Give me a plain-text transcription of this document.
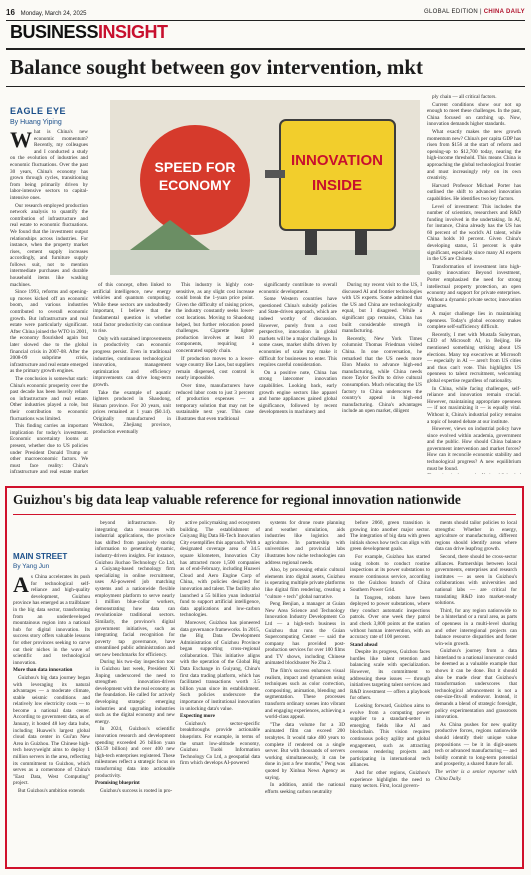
16 Monday, March 24, 2025	GLOBAL EDITION | CHINA DAILY
BUSINESSINSIGHT
Balance sought between gov intervention, mkt
EAGLE EYE
By Huang Yiping
SPEED FOR
ECONOMY
INNOVATION
INSIDE
W hat is China's new economic momentum? Recently, my colleagues and I conducted a study on the evolution of industries and economic fluctuations. Over the past 30 years, China's economy has grown through cycles, transitioning from being primarily driven by labor-intensive sectors to capital-intensive ones.

Our research employed production network analysis to quantify the contribution of infrastructure and real estate to economic fluctuations. We found that the investment output relationships across industries. For instance, when the property market rises, cement supply increases accordingly, and furniture supply follows suit, not to mention intermediate purchases and durable household items like washing machines.

Since 1993, reforms and opening-up moves kicked off an economic boom, and various industries contributed to overall economic growth. But infrastructure and real estate were particularly significant. After China joined the WTO in 2001, the economy flourished again but later slowed due to the global financial crisis in 2007-08. After the 2008-09 subprime crisis, infrastructure and real estate emerged as the primary growth engines.

The conclusion is somewhat stark: China's economic prosperity over the past decade has been heavily reliant on infrastructure and real estate. Other industries played a role, but their contribution to economic fluctuations was limited.

This finding carries an important implication for today's investment. Economic uncertainty looms at present, whether due to US policies under President Donald Trump or other macroeconomic factors. We must face reality: China's infrastructure and real estate market

of this concept, often linked to artificial intelligence, new energy vehicles and quantum computing. While these sectors are undoubtedly important, I believe that the fundamental question is whether total factor productivity can continue to rise.

Only with sustained improvements in productivity can economic progress persist. Even in traditional industries, continuous technological innovation, management optimization and efficiency improvements can drive long-term growth.

Take the example of aquatic lighters produced in Shaodong, Hunan province. For 20 years, unit prices remained at 1 yuan ($0.14). Originally manufactured in Wenzhou, Zhejiang province, production eventually

This industry is highly cost-sensitive, as any slight cost increase could break the 1-yuan price point. Given the difficulty of raising prices, the industry constantly seeks lower-cost locations. Moving to Shaodong helped, but further relocation posed challenges. Cigarette lighter production involves at least 10 components, requiring a concentrated supply chain.

If production moves to a lower-wage country like Laos, but suppliers remain dispersed, cost control is nearly impossible.

Over time, manufacturers have reduced labor costs to just 3 percent of production expenses — a temporary solution that may not be sustainable next year. This case illustrates that even traditional

significantly contribute to overall economic development.

Some Western countries have questioned China's subsidy policies and State-driven approach, which are indeed worthy of discussion. However, purely from a cost perspective, innovation in global markets will be a major challenge. In some cases, market shifts driven by economies of scale may make it difficult for businesses to enter. This requires careful consideration.

On a positive note, China has strong latecomer innovation capabilities. Looking back, early growth engine sectors like apparel and home appliances gained global significance, followed by recent developments in machinery and

During my recent visit to the US, I discussed AI and frontier technologies with US experts. Some admitted that the US and China are technologically equal, but I disagreed. While a significant gap remains, China has built considerable strength in manufacturing.

Recently, New York Times columnist Thomas Friedman visited China. In one conversation, he remarked that the US needs more Elon Musks to advance high-end manufacturing, while China needs more Taylor Swifts to drive cultural consumption. Much relocating the US factory to China underscores the country's appeal in high-end manufacturing. China's advantages include an open market, diligent

ply chain — all critical factors.

Current conditions show our not up enough to meet these challenges. In the past, China focused on catching up. Now, innovation demands higher standards.

What exactly makes the new growth momentum new? China's per capita GDP has risen from $156 at the start of reform and opening-up to $12,700 today, nearing the high-income threshold. This means China is approaching the global technological frontier and must increasingly rely on its own creativity.

Harvard Professor Michael Porter has outlined the shift to advanced innovation capabilities. He identifies two key factors.

Level of investment: This includes the number of scientists, researchers and R&D funding involved in the undertaking. In AI, for instance, China already has the US has 60 percent of the world's AI talent, while China holds 10 percent. Given China's developing status, 51 percent is quite significant, especially since many AI experts in the US are Chinese.

Transformation of investment into high-quality innovation: Beyond investment, Porter emphasized the need for strong intellectual property protection, an open economy and support for private enterprises. Without a dynamic private sector, innovation stagnates.

A major challenge lies in maintaining openness. Today's global economy makes complete self-sufficiency difficult.

Recently, I met with Mustafa Suleyman, CEO of Microsoft AI, in Beijing. He mentioned something striking about US elections. Many top executives at Microsoft — especially in AI — aren't from US cities and thus can't vote. This highlights US openness to talent recruitment, welcoming global expertise regardless of nationality.

In China, while facing challenges, self-reliance and innovation remain crucial. However, maintaining appropriate openness — if not maximizing it — is equally vital. Without it, China's industrial policy remains a topic of heated debate at our institute.

However, views on industrial policy have since evolved within academia, government and the public. How should China balance government intervention and market forces? How can it reconcile economic stability and technological progress? A new equilibrium must be found.

Guizhou's big data leap valuable reference for regional innovation nationwide
MAIN STREET
By Yang Jun
A s China accelerates its push for technological self-reliance and high-quality development, Guizhou province has emerged as a trailblazer in the big data sector, transforming from an underdeveloped mountainous region into a national hub for digital innovation. Its success story offers valuable lessons for other provinces seeking to carve out their niches in the wave of scientific and technological innovation.

More than data innovation

Guizhou's big data journey began with leveraging its natural advantages — a moderate climate, stable seismic conditions and relatively low electricity costs — to become a national data center. According to government data, as of January, it hosted 48 key data hubs, including Huawei's largest global cloud data center in Gui'an New Area in Guizhou. The Chinese high-tech heavyweight aims to deploy 1 million servers in the area, reflecting its commitment to Guizhou, which serves as a cornerstone of China's "East Data, West Computing" project.

But Guizhou's ambition extends

beyond infrastructure. By integrating data resources with industrial applications, the province has shifted from passively storing information to generating dynamic, industry-driven insights. For instance, Guizhou Jiuchao Technology Co Ltd, a Guiyang-based technology firm specializing in online recruitment, uses AI-powered job matching systems and a nationwide flexible employment platform to serve nearly 1 million blue-collar workers, demonstrating how data can revolutionize traditional sectors. Similarly, the province's digital government initiatives, such as integrating facial recognition for poverty tap governance, have streamlined public administration and set new benchmarks for efficiency.

During his two-day inspection tour in Guizhou last week, President Xi Jinping underscored the need to strengthen innovation-driven development with the real economy as the foundation. He called for actively developing strategic emerging industries and upgrading industries such as the digital economy and new energy.

In 2024, Guizhou's scientific innovation research and development spending exceeded 26 billion yuan ($3.59 billion) and over 400 new high-tech enterprises registered. These milestones reflect a strategic focus on transforming data into actionable productivity.

Promising blueprint

Guizhou's success is rooted in pro-

active policymaking and ecosystem building. The establishment of Guiyang Big Data Hi-Tech Innovation City exemplifies this approach. With a designated coverage area of 34.5 square kilometers, Innovation City has attracted more 1,500 companies as of end-February, including Huawei Cloud and Aero Engine Corp of China, with policies designed for innovation and talent. The facility also launched a 55 billion yuan industrial fund to support artificial intelligence, data applications and low-carbon technologies.

Moreover, Guizhou has pioneered data governance frameworks. In 2015, the Big Data Development Administration of Guizhou Province began supporting cross-regional collaboration. This initiative aligns with the operation of the Global Big Data Exchange in Guiyang, China's first data trading platform, which has facilitated transactions worth 3.5 billion yuan since its establishment. Such policies underscore the importance of institutional innovation in unlocking data's value.

Expecting more

Guizhou's sector-specific breakthroughs provide actionable blueprints. For example, in terms of the smart low-altitude economy, Guizhou Tuobi Information Technology Co Ltd, a geospatial data firm which develops AI-powered

systems for drone route planning and weather simulation, aids industries like logistics and agriculture. In partnership with universities and provincial labs illustrates how niche technologies can address regional needs.

Also, by processing ethnic cultural elements into digital assets, Guizhou is operating multiple private platforms like digital film rendering, creating a "culture + tech" global narrative.

Peng Benjian, a manager at Guian New Area Science and Technology Innovation Industry Development Co Ltd — a high-tech business in Guizhou that runs the Guian Supercomputing Center — said the company has provided post-production services for over 100 films and TV shows, including Chinese animated blockbuster Ne Zha 2.

The film's success enhances visual realism, impact and dynamism using techniques such as color correction, compositing, animation, blending and segmentation. These processes transform ordinary scenes into vibrant and engaging experiences, achieving a world-class appeal.

"The data volume for a 3D animated film can exceed 200 terabytes. It would take 400 years to complete if rendered on a single server. But with thousands of servers working simultaneously, it can be done in just a few months," Peng was quoted by Xinhua News Agency as saying.

In addition, amid the national efforts seeking carbon neutrality

before 2060, green transition is growing into another major sector. The integration of big data with green initials shows how tech can align with green development goals.

For example, Guizhou has started using robots to conduct routine inspections at its power substations to ensure continuous service, according to the Guizhou branch of China Southern Power Grid.

In Tongren, robots have been deployed to power substations, where they conduct automatic inspections patrols. Over one week they patrol and check 3,800 points at the station without human intervention, with an accuracy rate of 100 percent.

Stand ahead

Despite its progress, Guizhou faces hurdles like talent retention and balancing scale with specialization. However, its commitment to addressing these issues — through initiatives targeting talent services and R&D investment — offers a playbook for others.

Looking forward, Guizhou aims to evolve from a computing power supplier to a standard-setter in emerging fields like AI and blockchain. This vision requires continuous policy agility and global engagement, such as attracting overseas rendering projects and participating in international tech alliances.

And for other regions, Guizhou's experience highlights the need to many sectors. First, local govern-

ments should tailor policies to local strengths: Whether in energy, agriculture or manufacturing, different regions should identify areas where data can drive leapfrog growth.

Second, there should be cross-sector alliances. Partnerships between local governments, enterprises and research institutes — as seen in Guizhou's collaborations with universities and national labs — are critical for translating R&D into market-ready solutions.

Third, for any region nationwide to be a hinterland or a rural area, as parts of openness in a multi-level sharing and other interregional projects can balance resource disparities and foster win-win growth.

Guizhou's journey from a data hinterland to a national innovator could be deemed as a valuable example that shows it can be done. But it should also be made clear that Guizhou's transformation underscores that technological advancement is not a one-size-fits-all endeavor. Instead, it demands a blend of strategic foresight, policy experimentation and grassroots innovation.

As China pushes for new quality productive forces, regions nationwide should identify their unique value propositions — be it in digit-assets tech or advanced manufacturing — and boldly commit to long-term potential and prosperity, a shared future for all.

The writer is a senior reporter with China Daily.
